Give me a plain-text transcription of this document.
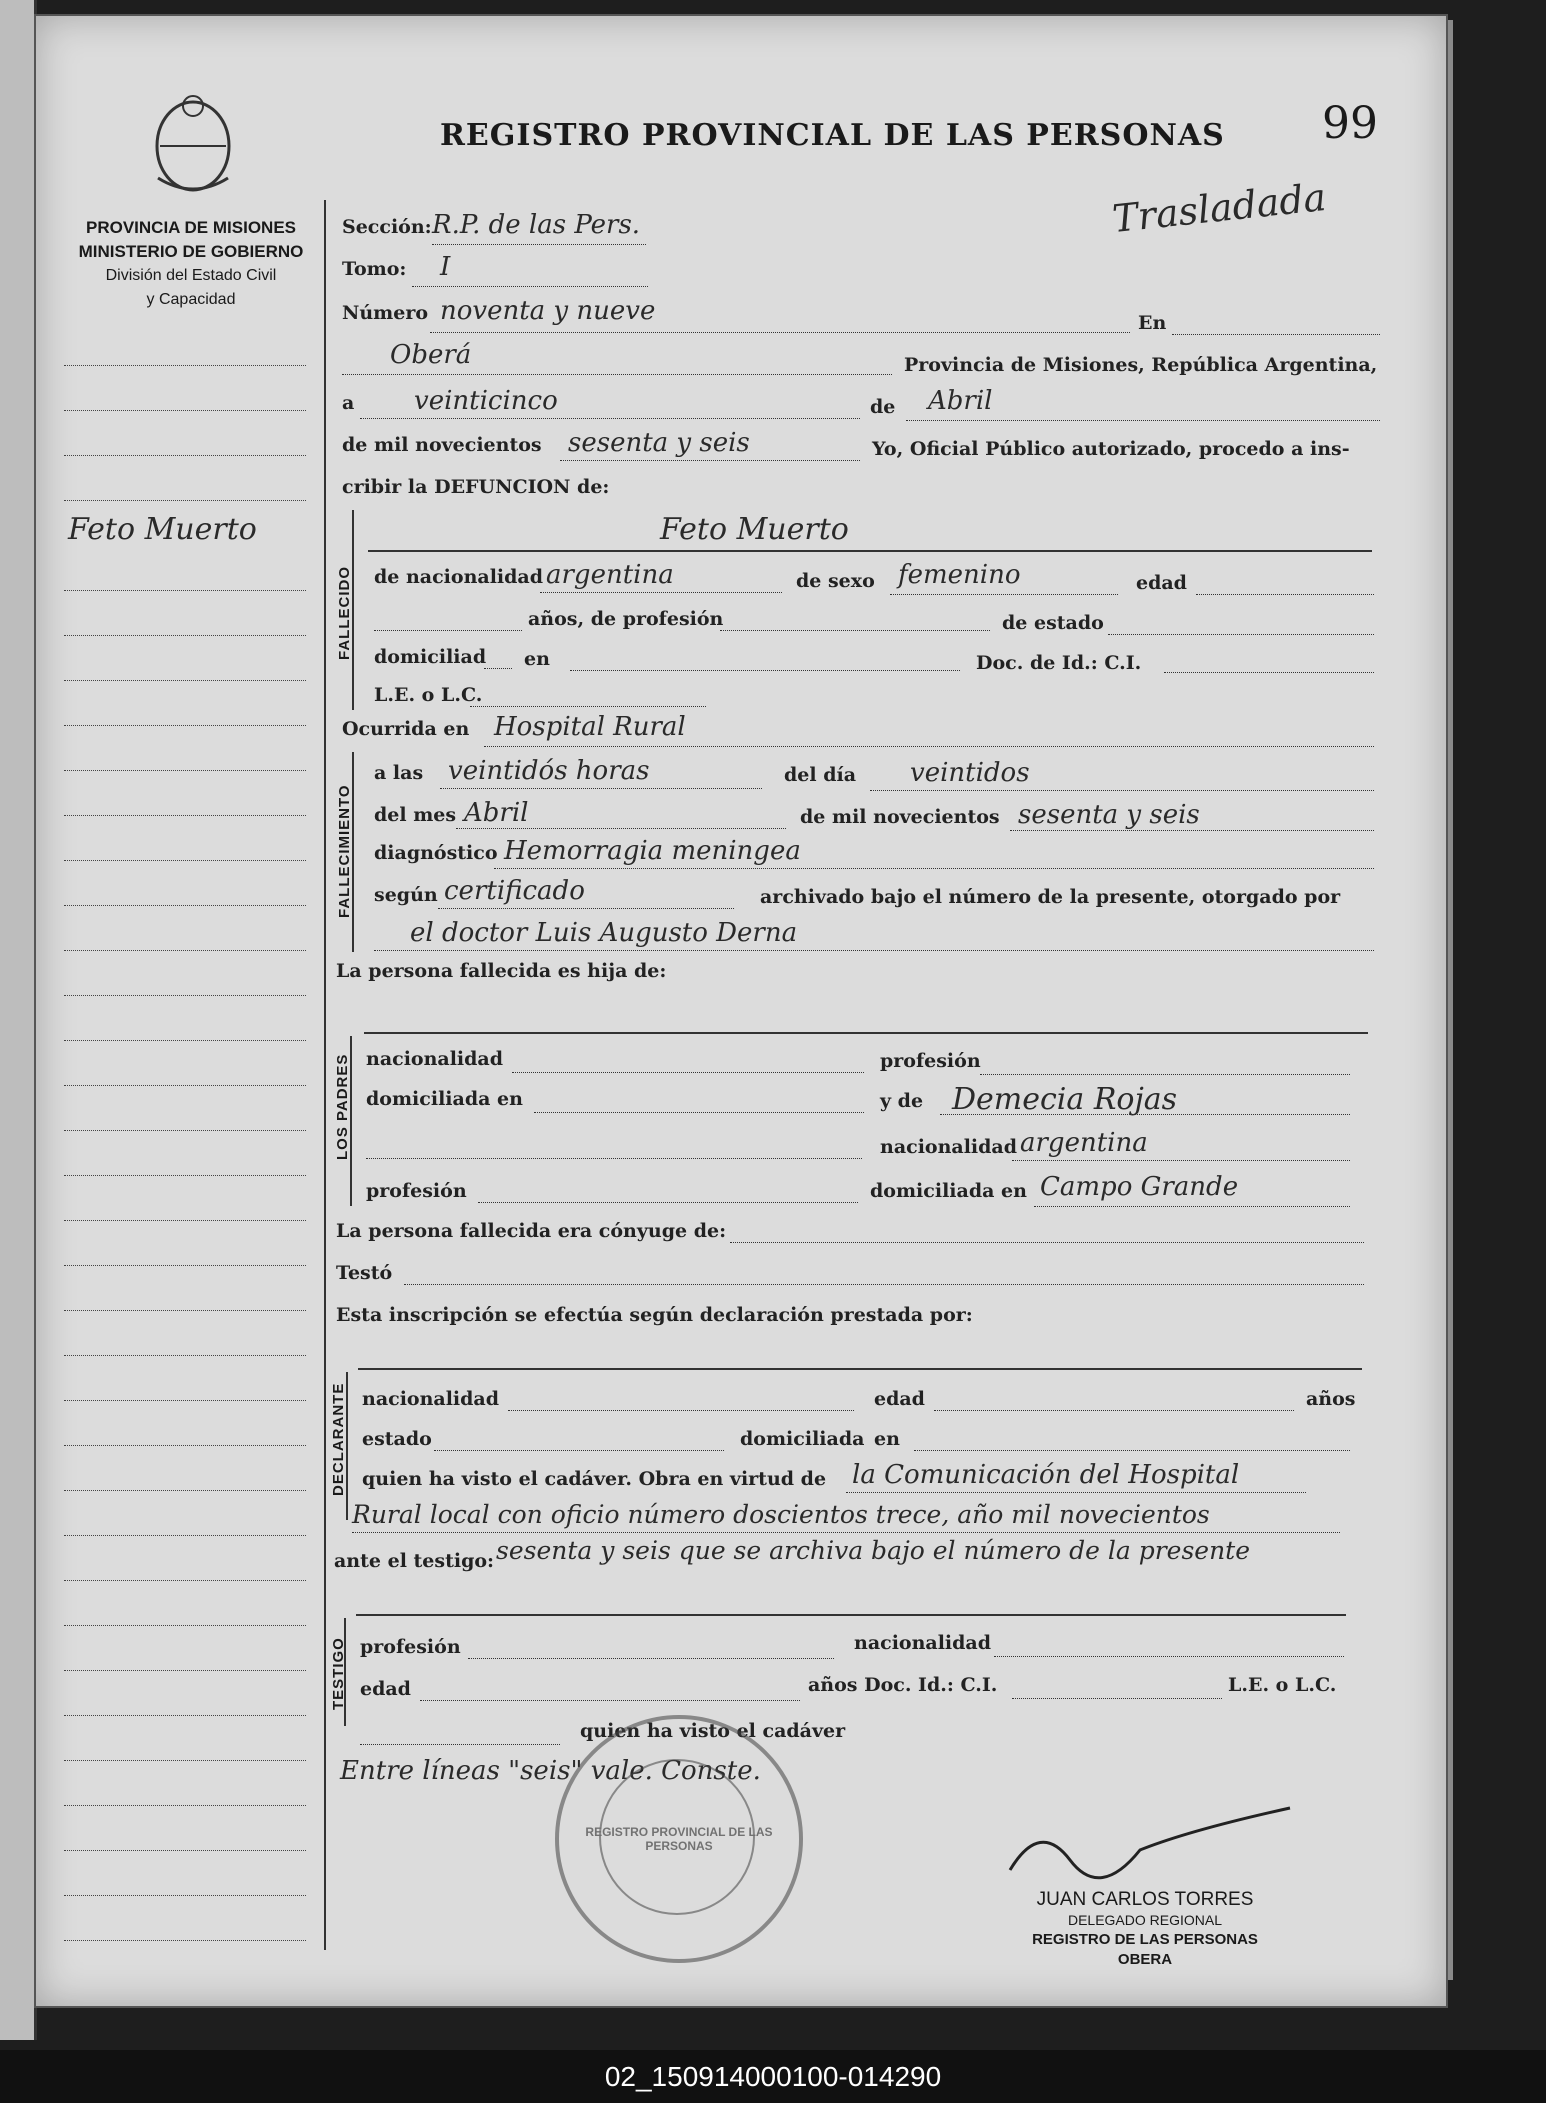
PROVINCIA DE MISIONES
MINISTERIO DE GOBIERNO
División del Estado Civil
y Capacidad
REGISTRO PROVINCIAL DE LAS PERSONAS 99
Trasladada
Feto Muerto
Sección: R.P. de las Pers.
Tomo: I
Número noventa y nueve	En
Oberá	Provincia de Misiones, República Argentina,
a veinticinco	de Abril
de mil novecientos sesenta y seis	Yo, Oficial Público autorizado, procedo a ins-
cribir la DEFUNCION de:
FALLECIDO
Feto Muerto
de nacionalidad argentina	de sexo femenino	edad
años, de profesión	de estado
domiciliad en	Doc. de Id.: C.I.
L.E. o L.C.
Ocurrida en Hospital Rural
FALLECIMIENTO
a las veintidós horas	del día veintidos
del mes Abril	de mil novecientos sesenta y seis
diagnóstico Hemorragia meningea
según certificado	archivado bajo el número de la presente, otorgado por
el doctor Luis Augusto Derna
La persona fallecida es hija de:
LOS PADRES nacionalidad	profesión
domiciliada en	y de Demecia Rojas
nacionalidad argentina
profesión	domiciliada en Campo Grande
La persona fallecida era cónyuge de:
Testó
Esta inscripción se efectúa según declaración prestada por:
DECLARANTE nacionalidad	edad	años
estado	domiciliada en
quien ha visto el cadáver. Obra en virtud de la Comunicación del Hospital
Rural local con oficio número doscientos trece, año mil novecientos
ante el testigo: sesenta y seis que se archiva bajo el número de la presente
TESTIGO profesión	nacionalidad
edad	años Doc. Id.: C.I.	L.E. o L.C.
quien ha visto el cadáver
Entre líneas "seis" vale. Conste.
REGISTRO PROVINCIAL DE LAS PERSONAS
JUAN CARLOS TORRES
DELEGADO REGIONAL
REGISTRO DE LAS PERSONAS
OBERA
02_150914000100-014290
